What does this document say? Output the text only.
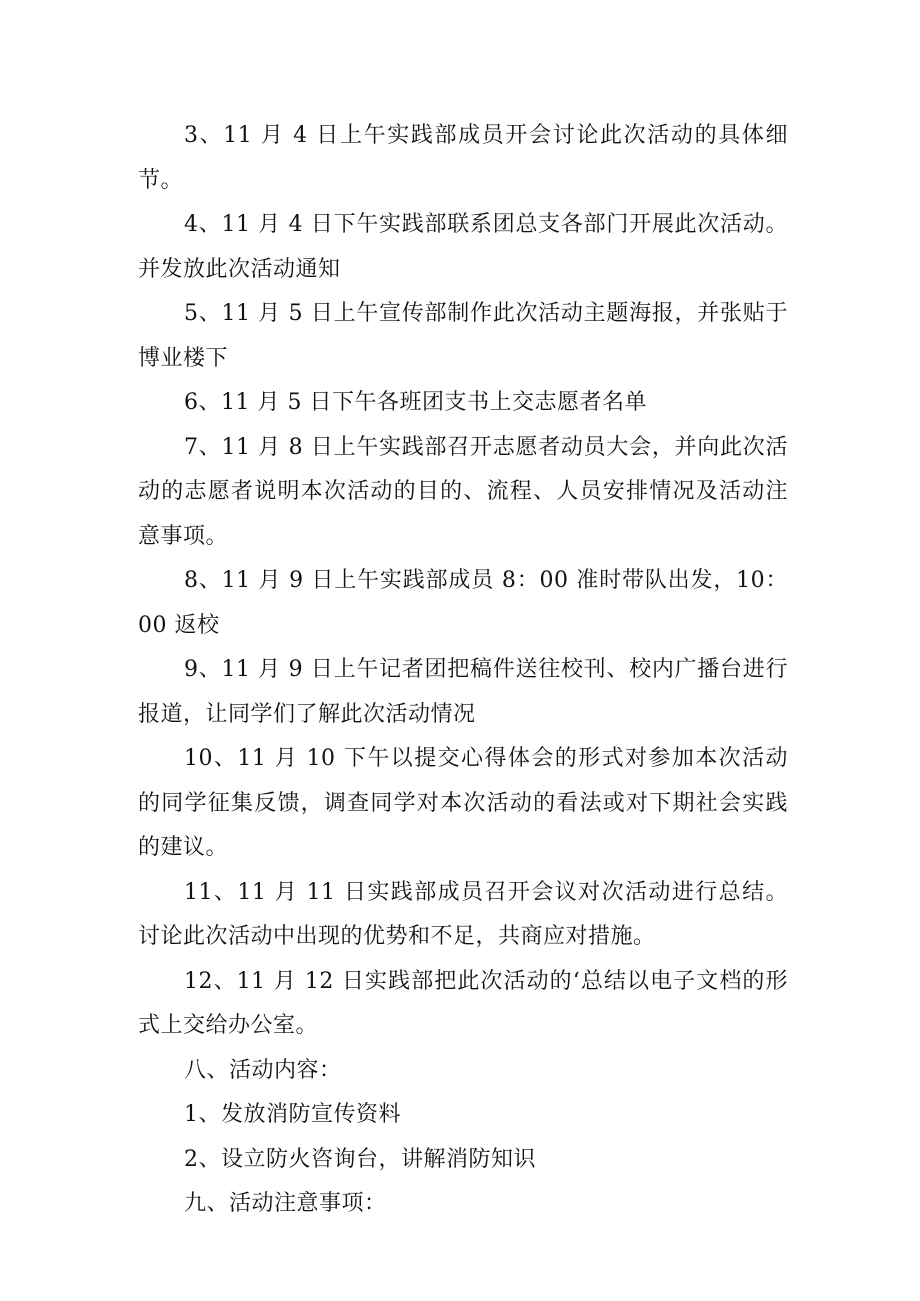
3、11 月 4 日上午实践部成员开会讨论此次活动的具体细节。

4、11 月 4 日下午实践部联系团总支各部门开展此次活动。并发放此次活动通知

5、11 月 5 日上午宣传部制作此次活动主题海报，并张贴于博业楼下

6、11 月 5 日下午各班团支书上交志愿者名单

7、11 月 8 日上午实践部召开志愿者动员大会，并向此次活动的志愿者说明本次活动的目的、流程、人员安排情况及活动注意事项。

8、11 月 9 日上午实践部成员 8：00 准时带队出发，10：00 返校

9、11 月 9 日上午记者团把稿件送往校刊、校内广播台进行报道，让同学们了解此次活动情况

10、11 月 10 下午以提交心得体会的形式对参加本次活动的同学征集反馈，调查同学对本次活动的看法或对下期社会实践的建议。

11、11 月 11 日实践部成员召开会议对次活动进行总结。讨论此次活动中出现的优势和不足，共商应对措施。

12、11 月 12 日实践部把此次活动的‘总结以电子文档的形式上交给办公室。

八、活动内容：

1、发放消防宣传资料

2、设立防火咨询台，讲解消防知识

九、活动注意事项：
